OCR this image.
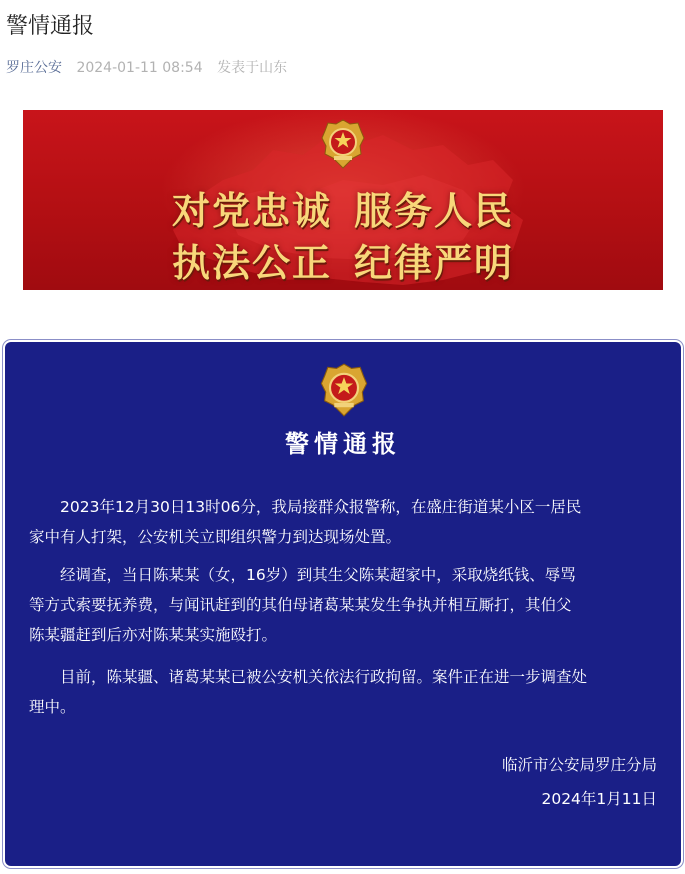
警情通报
罗庄公安 2024-01-11 08:54 发表于山东
对党忠诚 服务人民
执法公正 纪律严明
警情通报

2023年12月30日13时06分，我局接群众报警称，在盛庄街道某小区一居民
家中有人打架，公安机关立即组织警力到达现场处置。

经调查，当日陈某某（女，16岁）到其生父陈某超家中，采取烧纸钱、辱骂
等方式索要抚养费，与闻讯赶到的其伯母诸葛某某发生争执并相互厮打，其伯父
陈某疆赶到后亦对陈某某实施殴打。

目前，陈某疆、诸葛某某已被公安机关依法行政拘留。案件正在进一步调查处
理中。

临沂市公安局罗庄分局
2024年1月11日
